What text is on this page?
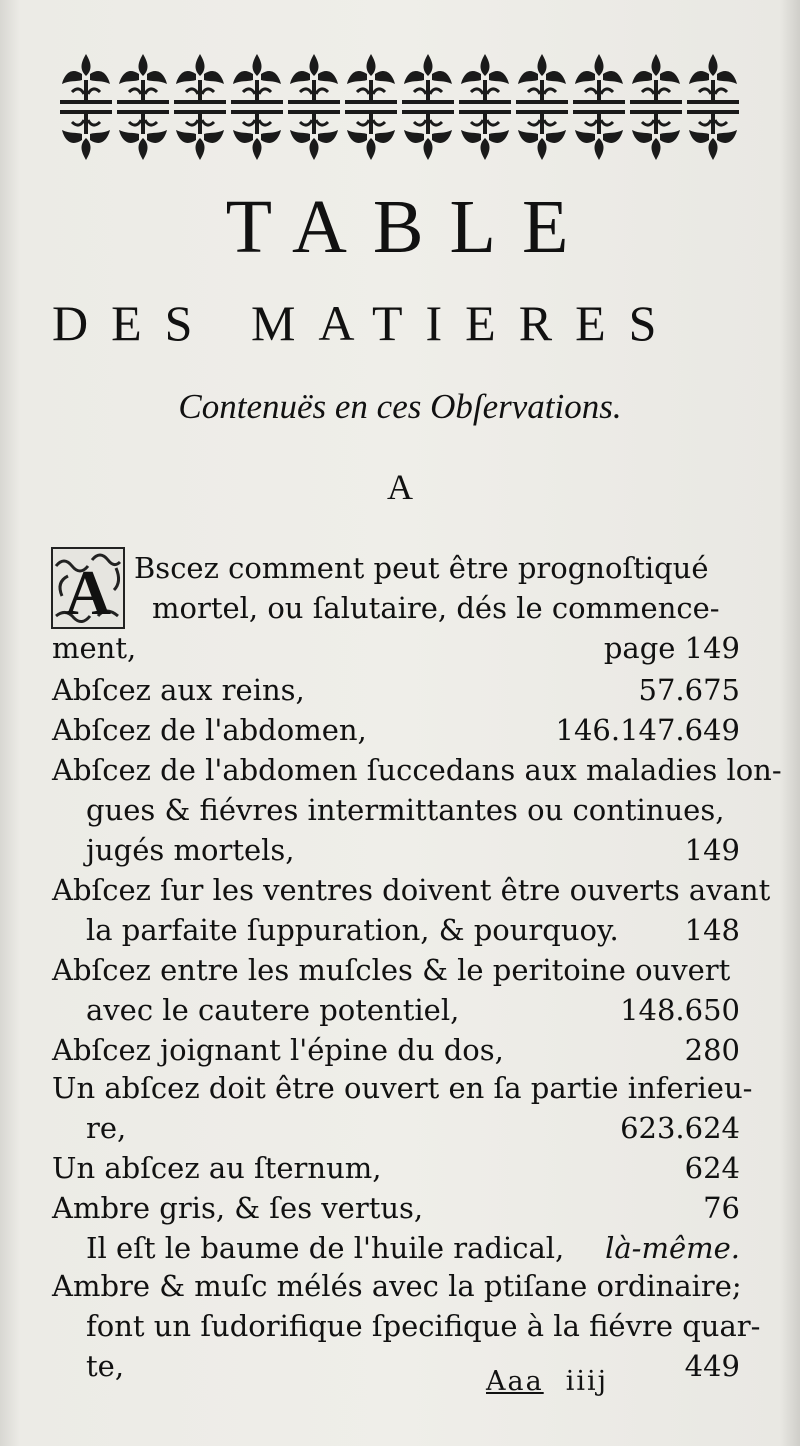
TABLE
DES MATIERES
Contenuës en ces Obſervations.
A
A Bscez comment peut être prognoſtiqué
mortel, ou ſalutaire, dés le commence-
ment,	page 149
Abſcez aux reins,	57.675
Abſcez de l'abdomen,	146.147.649
Abſcez de l'abdomen ſuccedans aux maladies lon-
gues & fiévres intermittantes ou continues,
jugés mortels,	149
Abſcez ſur les ventres doivent être ouverts avant
la parfaite ſuppuration, & pourquoy. 148
Abſcez entre les muſcles & le peritoine ouvert
avec le cautere potentiel,	148.650
Abſcez joignant l'épine du dos,	280
Un abſcez doit être ouvert en ſa partie inferieu-
re,	623.624
Un abſcez au ſternum,	624
Ambre gris, & ſes vertus,	76
Il eſt le baume de l'huile radical, là-même.
Ambre & muſc mélés avec la ptiſane ordinaire;
font un ſudorifique ſpecifique à la fiévre quar-
te,	449
Aaa iiij
